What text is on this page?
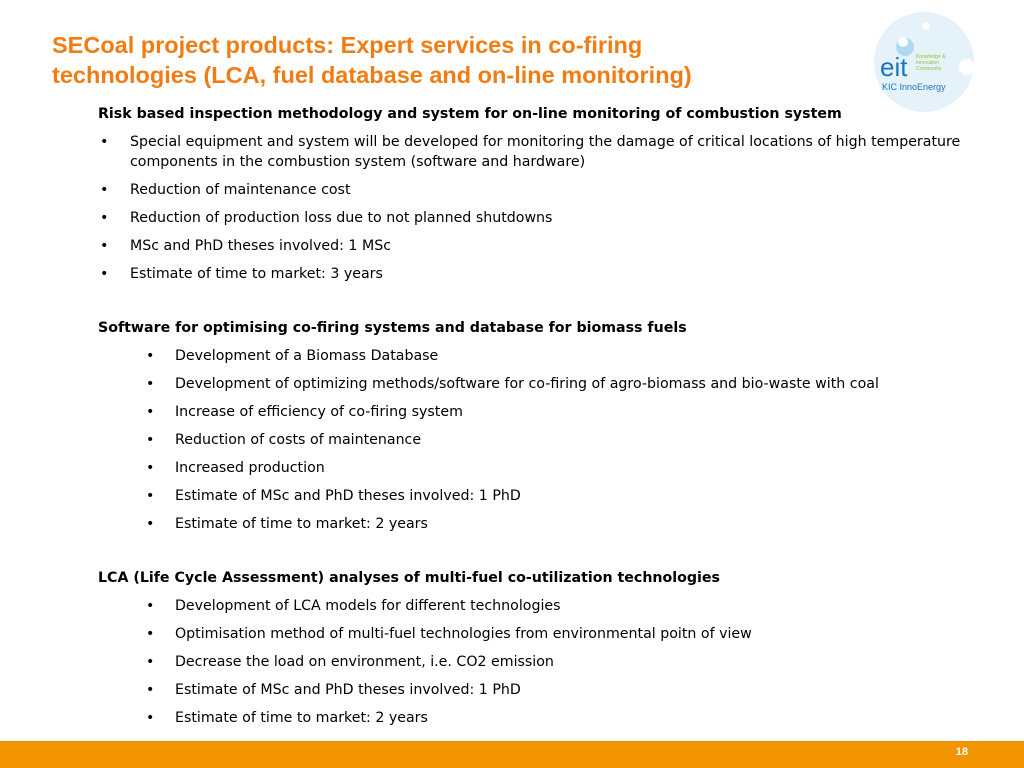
SECoal project products: Expert services in co-firing
technologies (LCA, fuel database and on-line monitoring)	eit Knowledge &
Innovation
Community
KIC InnoEnergy

Risk based inspection methodology and system for on-line monitoring of combustion system

• Special equipment and system will be developed for monitoring the damage of critical locations of high temperature components in the combustion system (software and hardware)
• Reduction of maintenance cost
• Reduction of production loss due to not planned shutdowns
• MSc and PhD theses involved: 1 MSc
• Estimate of time to market: 3 years

Software for optimising co-firing systems and database for biomass fuels

• Development of a Biomass Database
• Development of optimizing methods/software for co-firing of agro-biomass and bio-waste with coal
• Increase of efficiency of co-firing system
• Reduction of costs of maintenance
• Increased production
• Estimate of MSc and PhD theses involved: 1 PhD
• Estimate of time to market: 2 years

LCA (Life Cycle Assessment) analyses of multi-fuel co-utilization technologies

• Development of LCA models for different technologies
• Optimisation method of multi-fuel technologies from environmental poitn of view
• Decrease the load on environment, i.e. CO2 emission
• Estimate of MSc and PhD theses involved: 1 PhD
• Estimate of time to market: 2 years
18
